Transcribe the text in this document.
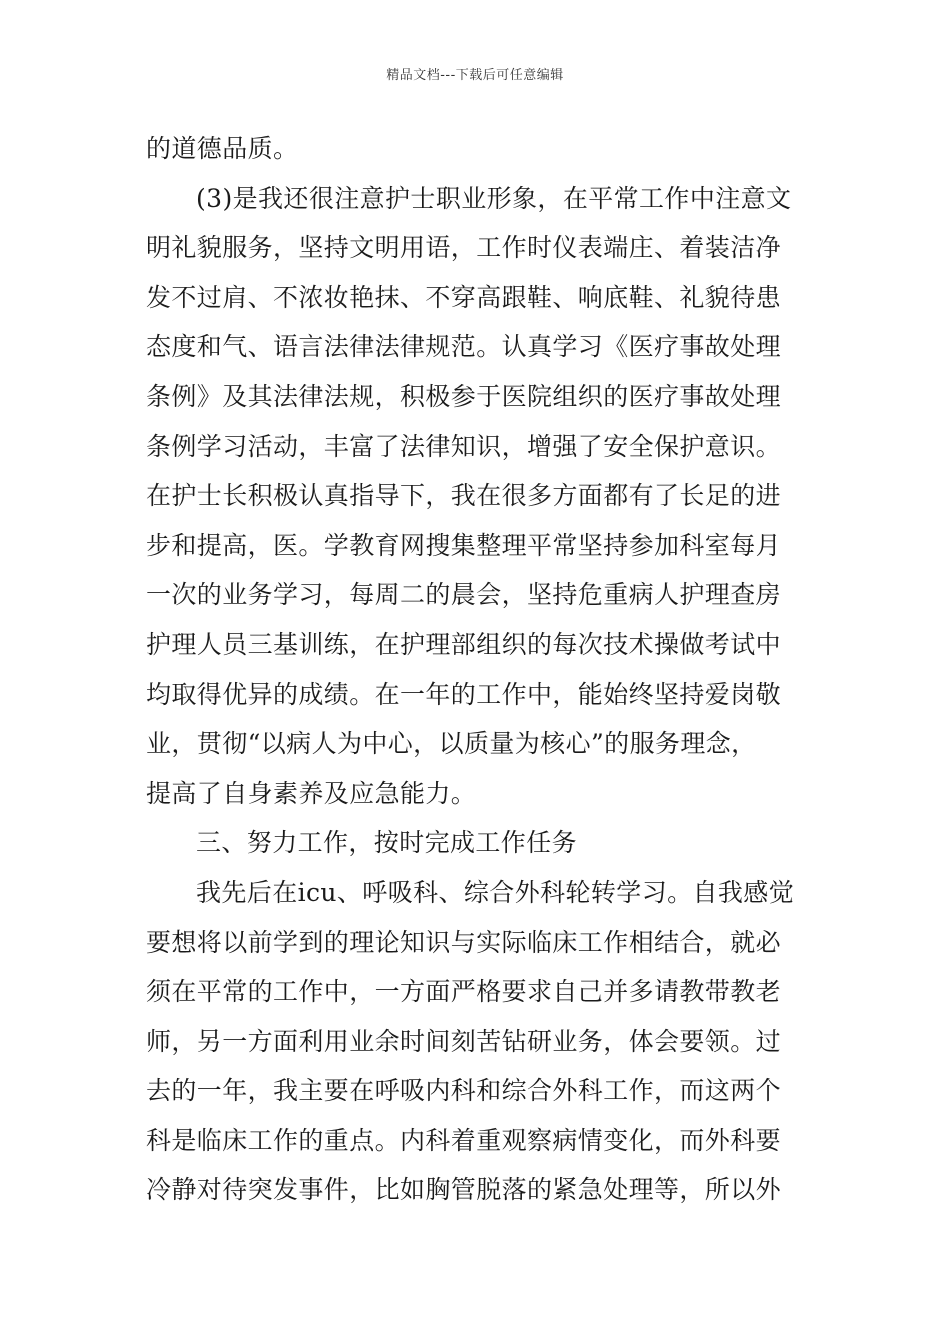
精品文档---下载后可任意编辑
的道德品质。
(3)是我还很注意护士职业形象，在平常工作中注意文
明礼貌服务，坚持文明用语，工作时仪表端庄、着装洁净
发不过肩、不浓妆艳抹、不穿高跟鞋、响底鞋、礼貌待患
态度和气、语言法律法律规范。认真学习《医疗事故处理
条例》及其法律法规，积极参于医院组织的医疗事故处理
条例学习活动，丰富了法律知识，增强了安全保护意识。
在护士长积极认真指导下，我在很多方面都有了长足的进
步和提高，医。学教育网搜集整理平常坚持参加科室每月
一次的业务学习，每周二的晨会，坚持危重病人护理查房
护理人员三基训练，在护理部组织的每次技术操做考试中
均取得优异的成绩。在一年的工作中，能始终坚持爱岗敬
业，贯彻“以病人为中心，以质量为核心”的服务理念，
提高了自身素养及应急能力。
三、努力工作，按时完成工作任务
我先后在icu、呼吸科、综合外科轮转学习。自我感觉
要想将以前学到的理论知识与实际临床工作相结合，就必
须在平常的工作中，一方面严格要求自己并多请教带教老
师，另一方面利用业余时间刻苦钻研业务，体会要领。过
去的一年，我主要在呼吸内科和综合外科工作，而这两个
科是临床工作的重点。内科着重观察病情变化，而外科要
冷静对待突发事件，比如胸管脱落的紧急处理等，所以外
